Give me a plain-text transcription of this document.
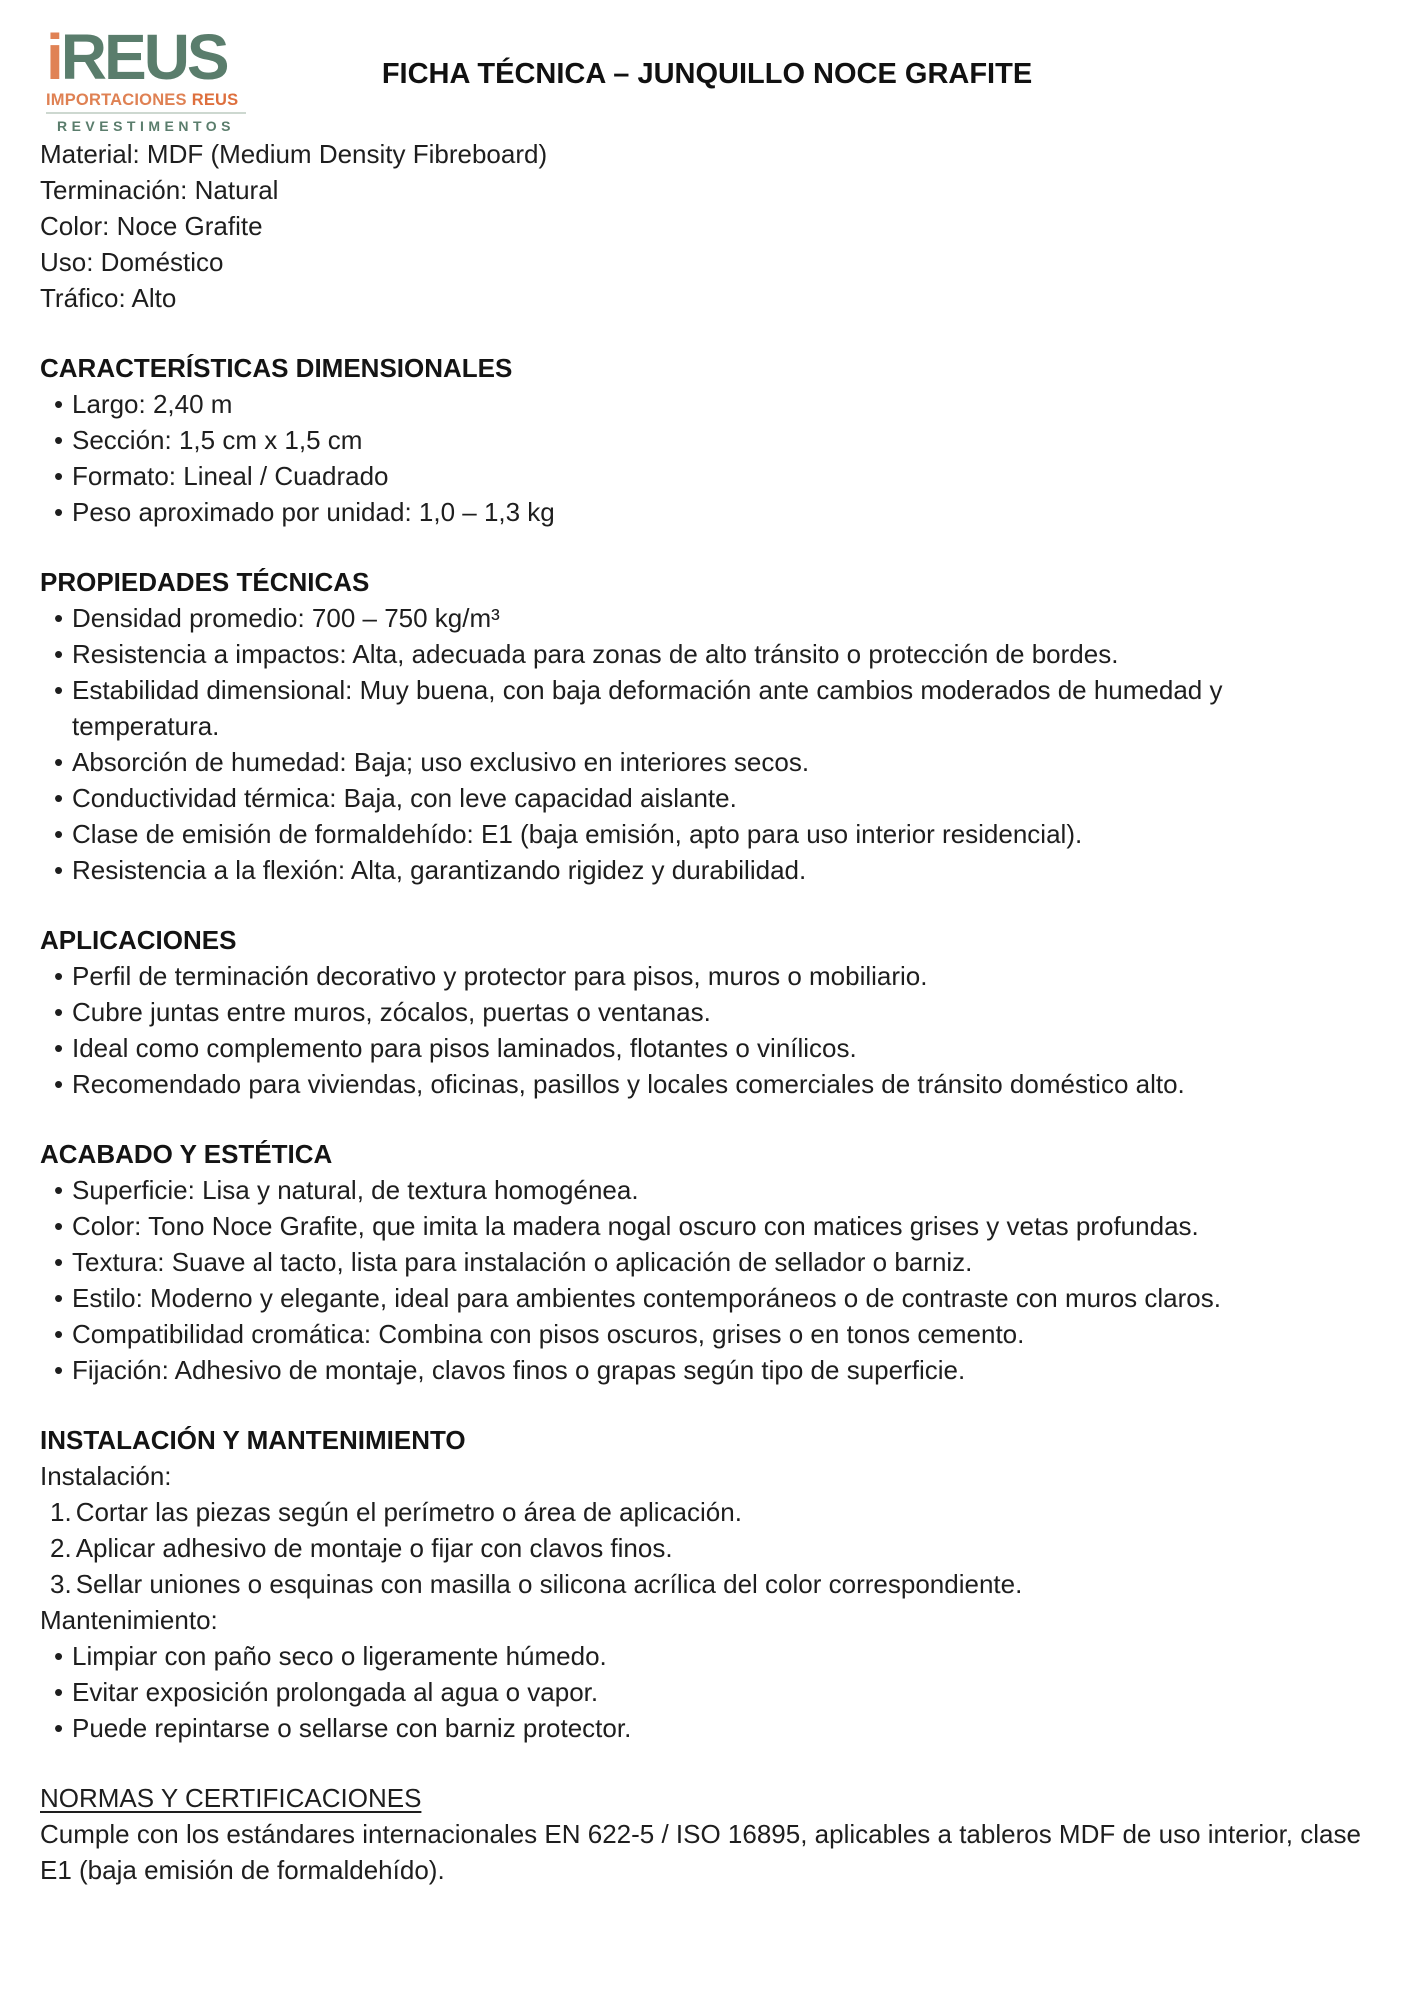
iREUS
IMPORTACIONES REUS
REVESTIMENTOS
FICHA TÉCNICA – JUNQUILLO NOCE GRAFITE
Material: MDF (Medium Density Fibreboard)
Terminación: Natural
Color: Noce Grafite
Uso: Doméstico
Tráfico: Alto
CARACTERÍSTICAS DIMENSIONALES
• Largo: 2,40 m
• Sección: 1,5 cm x 1,5 cm
• Formato: Lineal / Cuadrado
• Peso aproximado por unidad: 1,0 – 1,3 kg
PROPIEDADES TÉCNICAS
• Densidad promedio: 700 – 750 kg/m³
• Resistencia a impactos: Alta, adecuada para zonas de alto tránsito o protección de bordes.
• Estabilidad dimensional: Muy buena, con baja deformación ante cambios moderados de humedad y temperatura.
• Absorción de humedad: Baja; uso exclusivo en interiores secos.
• Conductividad térmica: Baja, con leve capacidad aislante.
• Clase de emisión de formaldehído: E1 (baja emisión, apto para uso interior residencial).
• Resistencia a la flexión: Alta, garantizando rigidez y durabilidad.
APLICACIONES
• Perfil de terminación decorativo y protector para pisos, muros o mobiliario.
• Cubre juntas entre muros, zócalos, puertas o ventanas.
• Ideal como complemento para pisos laminados, flotantes o vinílicos.
• Recomendado para viviendas, oficinas, pasillos y locales comerciales de tránsito doméstico alto.
ACABADO Y ESTÉTICA
• Superficie: Lisa y natural, de textura homogénea.
• Color: Tono Noce Grafite, que imita la madera nogal oscuro con matices grises y vetas profundas.
• Textura: Suave al tacto, lista para instalación o aplicación de sellador o barniz.
• Estilo: Moderno y elegante, ideal para ambientes contemporáneos o de contraste con muros claros.
• Compatibilidad cromática: Combina con pisos oscuros, grises o en tonos cemento.
• Fijación: Adhesivo de montaje, clavos finos o grapas según tipo de superficie.
INSTALACIÓN Y MANTENIMIENTO

Instalación:

1. Cortar las piezas según el perímetro o área de aplicación.
2. Aplicar adhesivo de montaje o fijar con clavos finos.
3. Sellar uniones o esquinas con masilla o silicona acrílica del color correspondiente.

Mantenimiento:

• Limpiar con paño seco o ligeramente húmedo.
• Evitar exposición prolongada al agua o vapor.
• Puede repintarse o sellarse con barniz protector.
NORMAS Y CERTIFICACIONES

Cumple con los estándares internacionales EN 622-5 / ISO 16895, aplicables a tableros MDF de uso interior, clase E1 (baja emisión de formaldehído).
